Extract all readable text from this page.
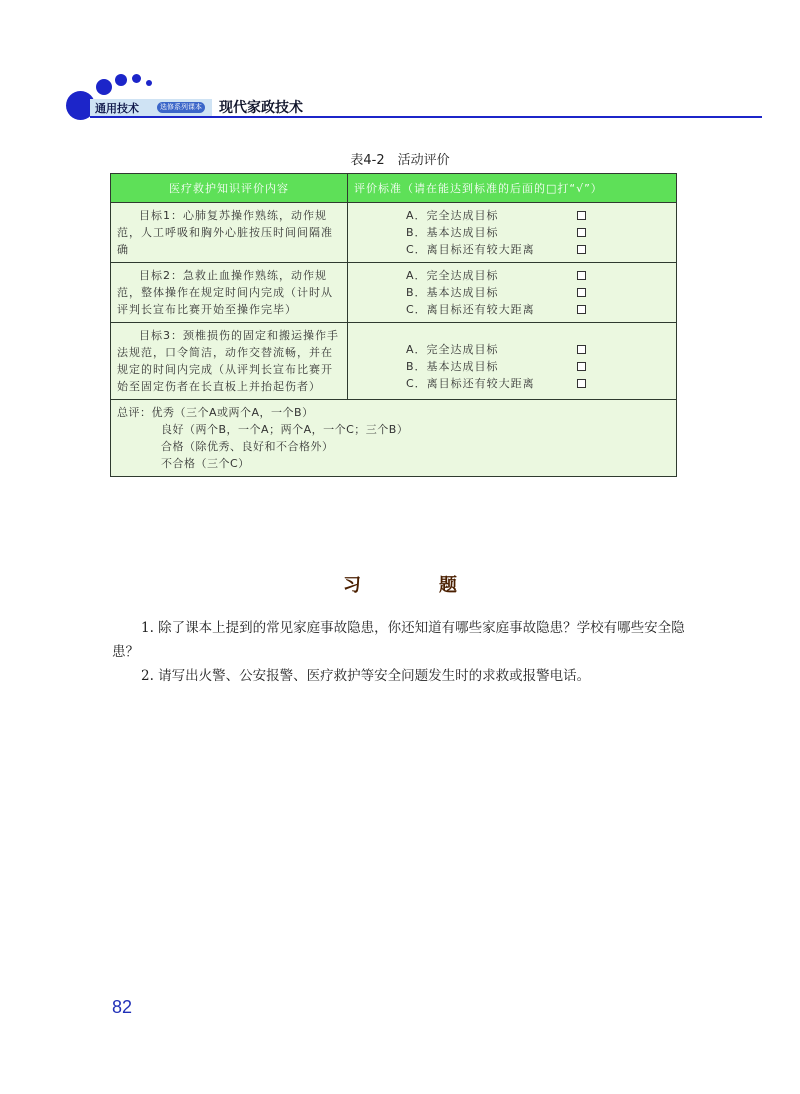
通用技术	选修系列课本 现代家政技术
表4-2　活动评价
医疗救护知识评价内容	评价标准（请在能达到标准的后面的□打“√”）
目标1：心肺复苏操作熟练，动作规范，人工呼吸和胸外心脏按压时间间隔准确	A．完全达成目标
B．基本达成目标
C．离目标还有较大距离

目标2：急救止血操作熟练，动作规范，整体操作在规定时间内完成（计时从评判长宣布比赛开始至操作完毕）	A．完全达成目标
B．基本达成目标
C．离目标还有较大距离

目标3：颈椎损伤的固定和搬运操作手法规范，口令简洁，动作交替流畅，并在规定的时间内完成（从评判长宣布比赛开始至固定伤者在长直板上并抬起伤者）	A．完全达成目标
B．基本达成目标
C．离目标还有较大距离

总评：优秀（三个A或两个A，一个B）
良好（两个B，一个A；两个A，一个C；三个B）
合格（除优秀、良好和不合格外）
不合格（三个C）	
习　题
1. 除了课本上提到的常见家庭事故隐患，你还知道有哪些家庭事故隐患？学校有哪些安全隐患？
2. 请写出火警、公安报警、医疗救护等安全问题发生时的求救或报警电话。
82
